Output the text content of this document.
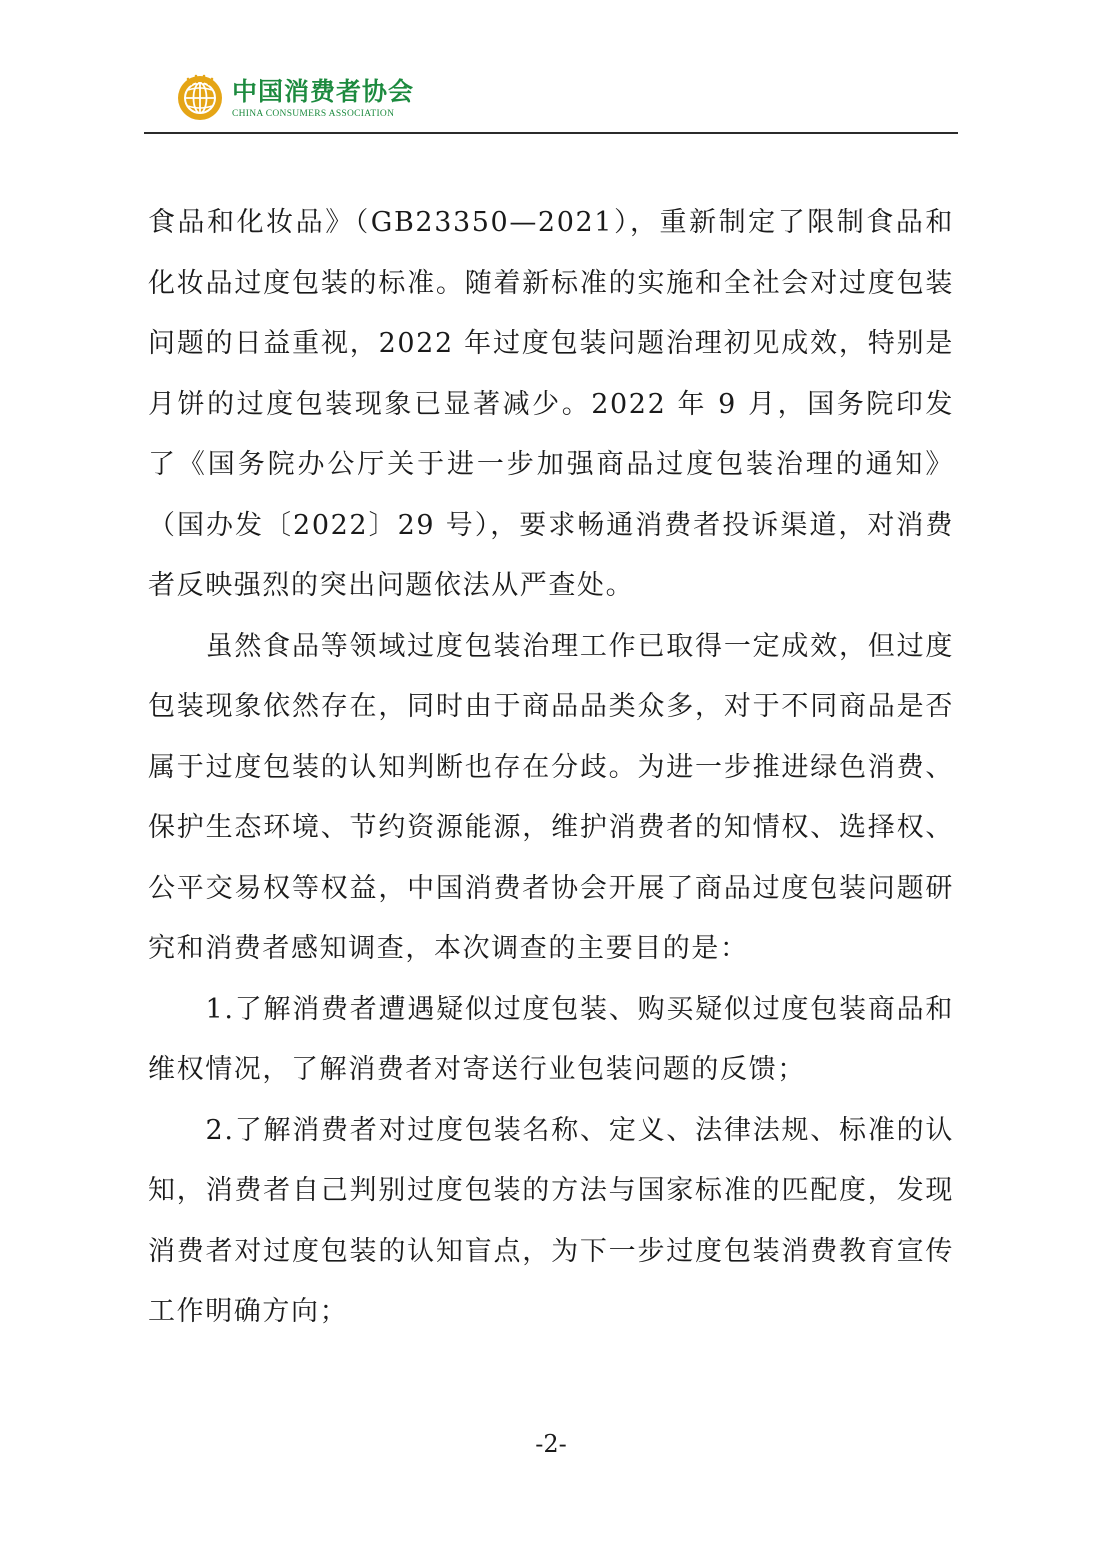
中国消费者协会
CHINA CONSUMERS ASSOCIATION

食品和化妆品》（GB23350—2021），重新制定了限制食品和化妆品过度包装的标准。随着新标准的实施和全社会对过度包装问题的日益重视，2022 年过度包装问题治理初见成效，特别是月饼的过度包装现象已显著减少。2022 年 9 月，国务院印发了《国务院办公厅关于进一步加强商品过度包装治理的通知》（国办发〔2022〕29 号），要求畅通消费者投诉渠道，对消费者反映强烈的突出问题依法从严查处。

　　虽然食品等领域过度包装治理工作已取得一定成效，但过度包装现象依然存在，同时由于商品品类众多，对于不同商品是否属于过度包装的认知判断也存在分歧。为进一步推进绿色消费、保护生态环境、节约资源能源，维护消费者的知情权、选择权、公平交易权等权益，中国消费者协会开展了商品过度包装问题研究和消费者感知调查，本次调查的主要目的是：

　　1.了解消费者遭遇疑似过度包装、购买疑似过度包装商品和维权情况，了解消费者对寄送行业包装问题的反馈；

　　2.了解消费者对过度包装名称、定义、法律法规、标准的认知，消费者自己判别过度包装的方法与国家标准的匹配度，发现消费者对过度包装的认知盲点，为下一步过度包装消费教育宣传工作明确方向；

-2-
